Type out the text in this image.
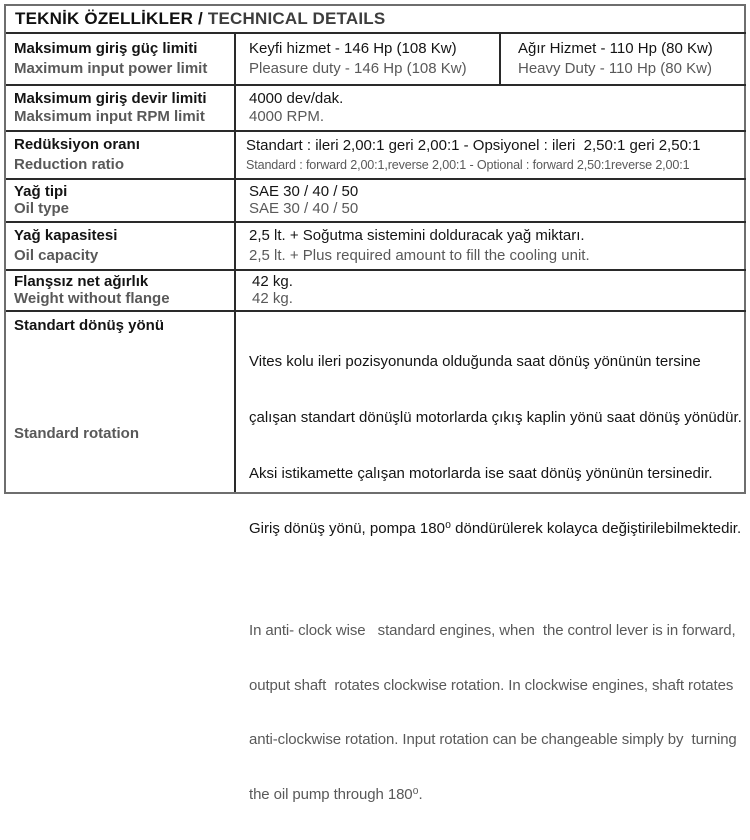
TEKNİK ÖZELLİKLER / TECHNICAL DETAILS
Maksimum giriş güç limiti
Maximum input power limit
Keyfi hizmet - 146 Hp (108 Kw)
Pleasure duty - 146 Hp (108 Kw)
Ağır Hizmet - 110 Hp (80 Kw)
Heavy Duty - 110 Hp (80 Kw)
Maksimum giriş devir limiti
Maksimum input RPM limit
4000 dev/dak.
4000 RPM.
Redüksiyon oranı
Reduction ratio
Standart : ileri 2,00:1 geri 2,00:1 - Opsiyonel : ileri  2,50:1 geri 2,50:1
Standard : forward 2,00:1,reverse 2,00:1 - Optional : forward 2,50:1reverse 2,00:1
Yağ tipi
Oil type
SAE 30 / 40 / 50
SAE 30 / 40 / 50
Yağ kapasitesi
Oil capacity
2,5 lt. + Soğutma sistemini dolduracak yağ miktarı.
2,5 lt. + Plus required amount to fill the cooling unit.
Flanşsız net ağırlık
Weight without flange
42 kg.
42 kg.
Standart dönüş yönü
Standard rotation

Vites kolu ileri pozisyonunda olduğunda saat dönüş yönünün tersine

çalışan standart dönüşlü motorlarda çıkış kaplin yönü saat dönüş yönüdür.

Aksi istikamette çalışan motorlarda ise saat dönüş yönünün tersinedir.

Giriş dönüş yönü, pompa 180⁰ döndürülerek kolayca değiştirilebilmektedir.

In anti- clock wise   standard engines, when  the control lever is in forward,

output shaft  rotates clockwise rotation. In clockwise engines, shaft rotates

anti-clockwise rotation. Input rotation can be changeable simply by  turning

the oil pump through 180⁰.
